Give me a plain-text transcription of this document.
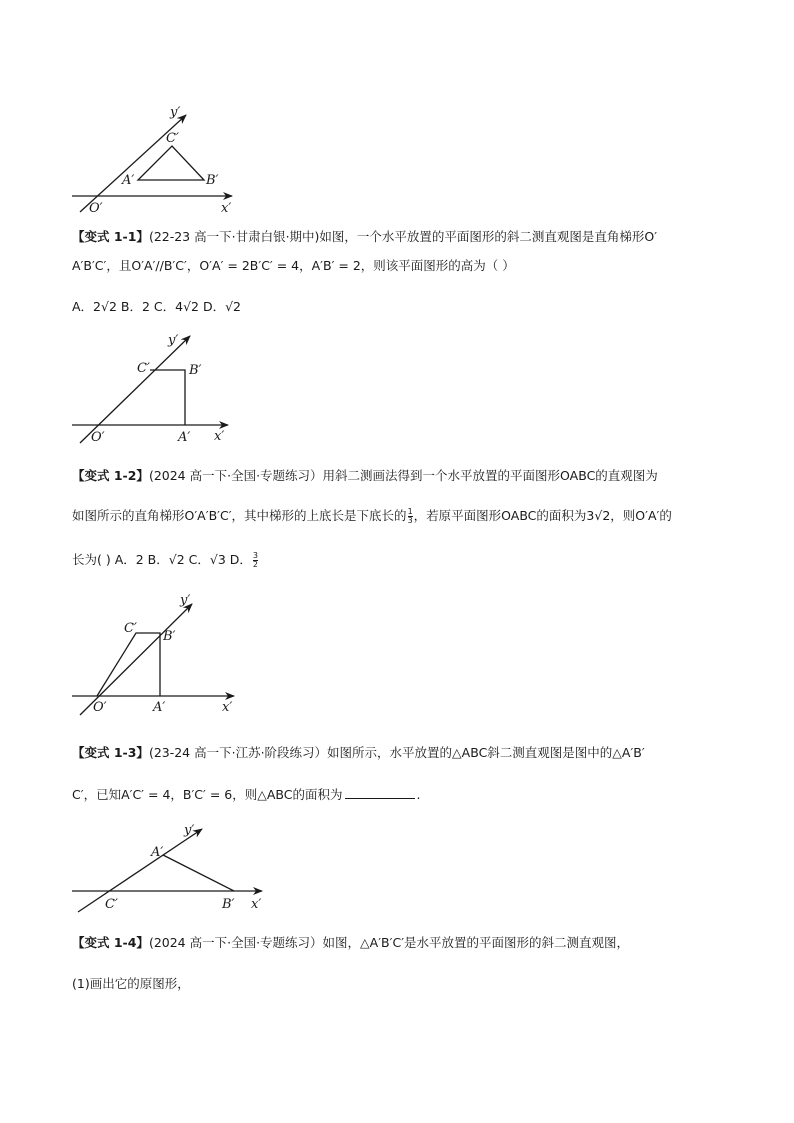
y′
x′
O′
A′	B′
C′
y′
x′
O′	A′
B′
C′
y′
x′
O′	A′
B′
C′
y′
x′
C′	B′
A′
【变式 1-1】(22-23 高一下·甘肃白银·期中)如图，一个水平放置的平面图形的斜二测直观图是直角梯形O′
A′B′C′，且O′A′//B′C′，O′A′ = 2B′C′ = 4，A′B′ = 2，则该平面图形的高为（ ）
A．2√2 B．2 C．4√2 D．√2
【变式 1-2】(2024 高一下·全国·专题练习）用斜二测画法得到一个水平放置的平面图形OABC的直观图为
如图所示的直角梯形O′A′B′C′，其中梯形的上底长是下底长的 $\frac{1}{3}$ ，若原平面图形OABC的面积为3√2，则O′A′的
长为( ) A．2 B．√2 C．√3 D． $\frac{3}{2}$
【变式 1-3】(23-24 高一下·江苏·阶段练习）如图所示，水平放置的△ABC斜二测直观图是图中的△A′B′
C′，已知A′C′ = 4，B′C′ = 6，则△ABC的面积为	.
【变式 1-4】(2024 高一下·全国·专题练习）如图，△A′B′C′是水平放置的平面图形的斜二测直观图，
(1)画出它的原图形，
